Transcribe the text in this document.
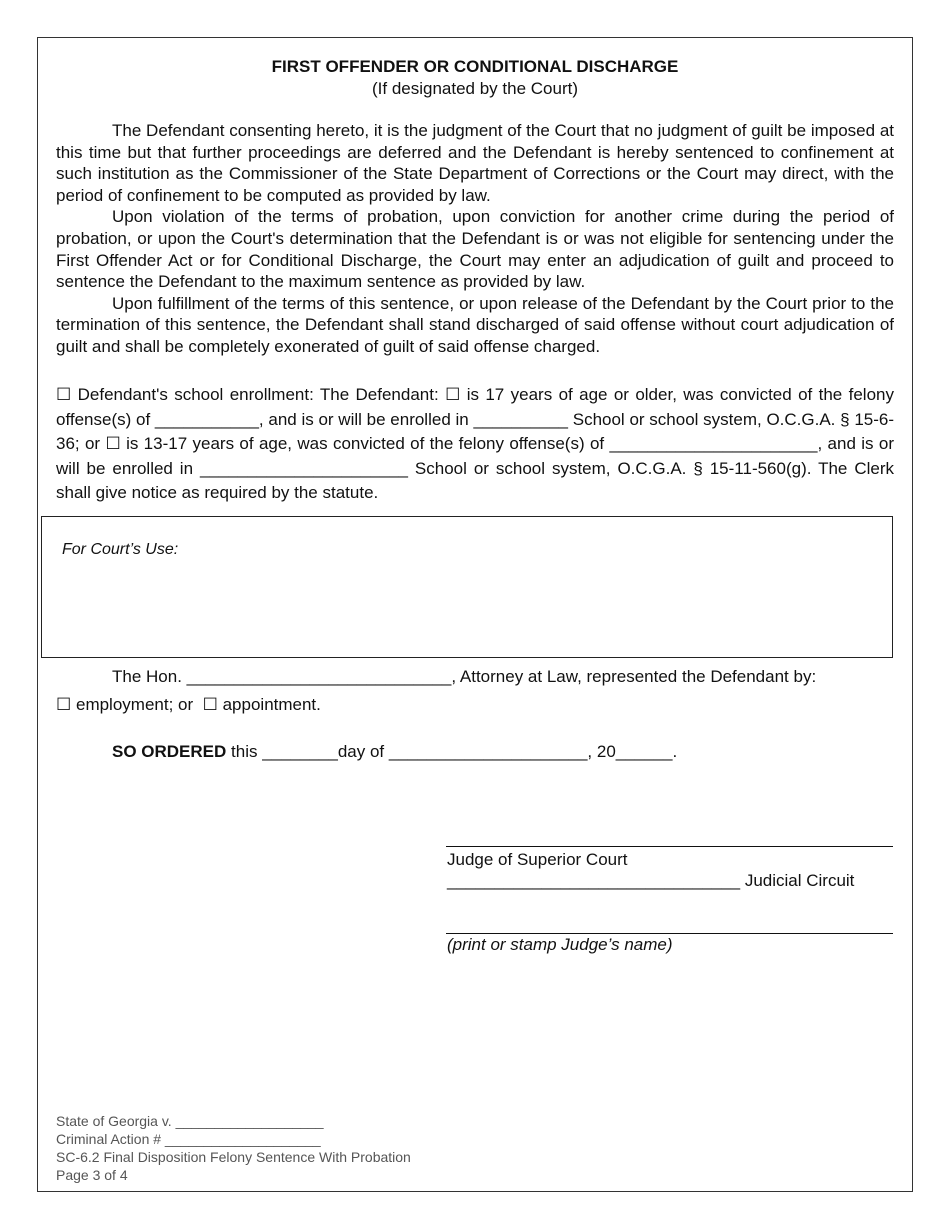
FIRST OFFENDER OR CONDITIONAL DISCHARGE
(If designated by the Court)

The Defendant consenting hereto, it is the judgment of the Court that no judgment of guilt be imposed at this time but that further proceedings are deferred and the Defendant is hereby sentenced to confinement at such institution as the Commissioner of the State Department of Corrections or the Court may direct, with the period of confinement to be computed as provided by law.

Upon violation of the terms of probation, upon conviction for another crime during the period of probation, or upon the Court's determination that the Defendant is or was not eligible for sentencing under the First Offender Act or for Conditional Discharge, the Court may enter an adjudication of guilt and proceed to sentence the Defendant to the maximum sentence as provided by law.

Upon fulfillment of the terms of this sentence, or upon release of the Defendant by the Court prior to the termination of this sentence, the Defendant shall stand discharged of said offense without court adjudication of guilt and shall be completely exonerated of guilt of said offense charged.

☐ Defendant's school enrollment: The Defendant: ☐ is 17 years of age or older, was convicted of the felony offense(s) of ___________, and is or will be enrolled in __________ School or school system, O.C.G.A. § 15-6-36; or ☐ is 13-17 years of age, was convicted of the felony offense(s) of ______________________, and is or will be enrolled in ______________________ School or school system, O.C.G.A. § 15-11-560(g). The Clerk shall give notice as required by the statute.
For Court’s Use:
The Hon. ____________________________, Attorney at Law, represented the Defendant by:
☐ employment; or ☐ appointment.
SO ORDERED this ________day of _____________________, 20______.
Judge of Superior Court
_______________________________ Judicial Circuit
(print or stamp Judge’s name)
State of Georgia v. ___________________
Criminal Action # ____________________
SC-6.2 Final Disposition Felony Sentence With Probation
Page 3 of 4
